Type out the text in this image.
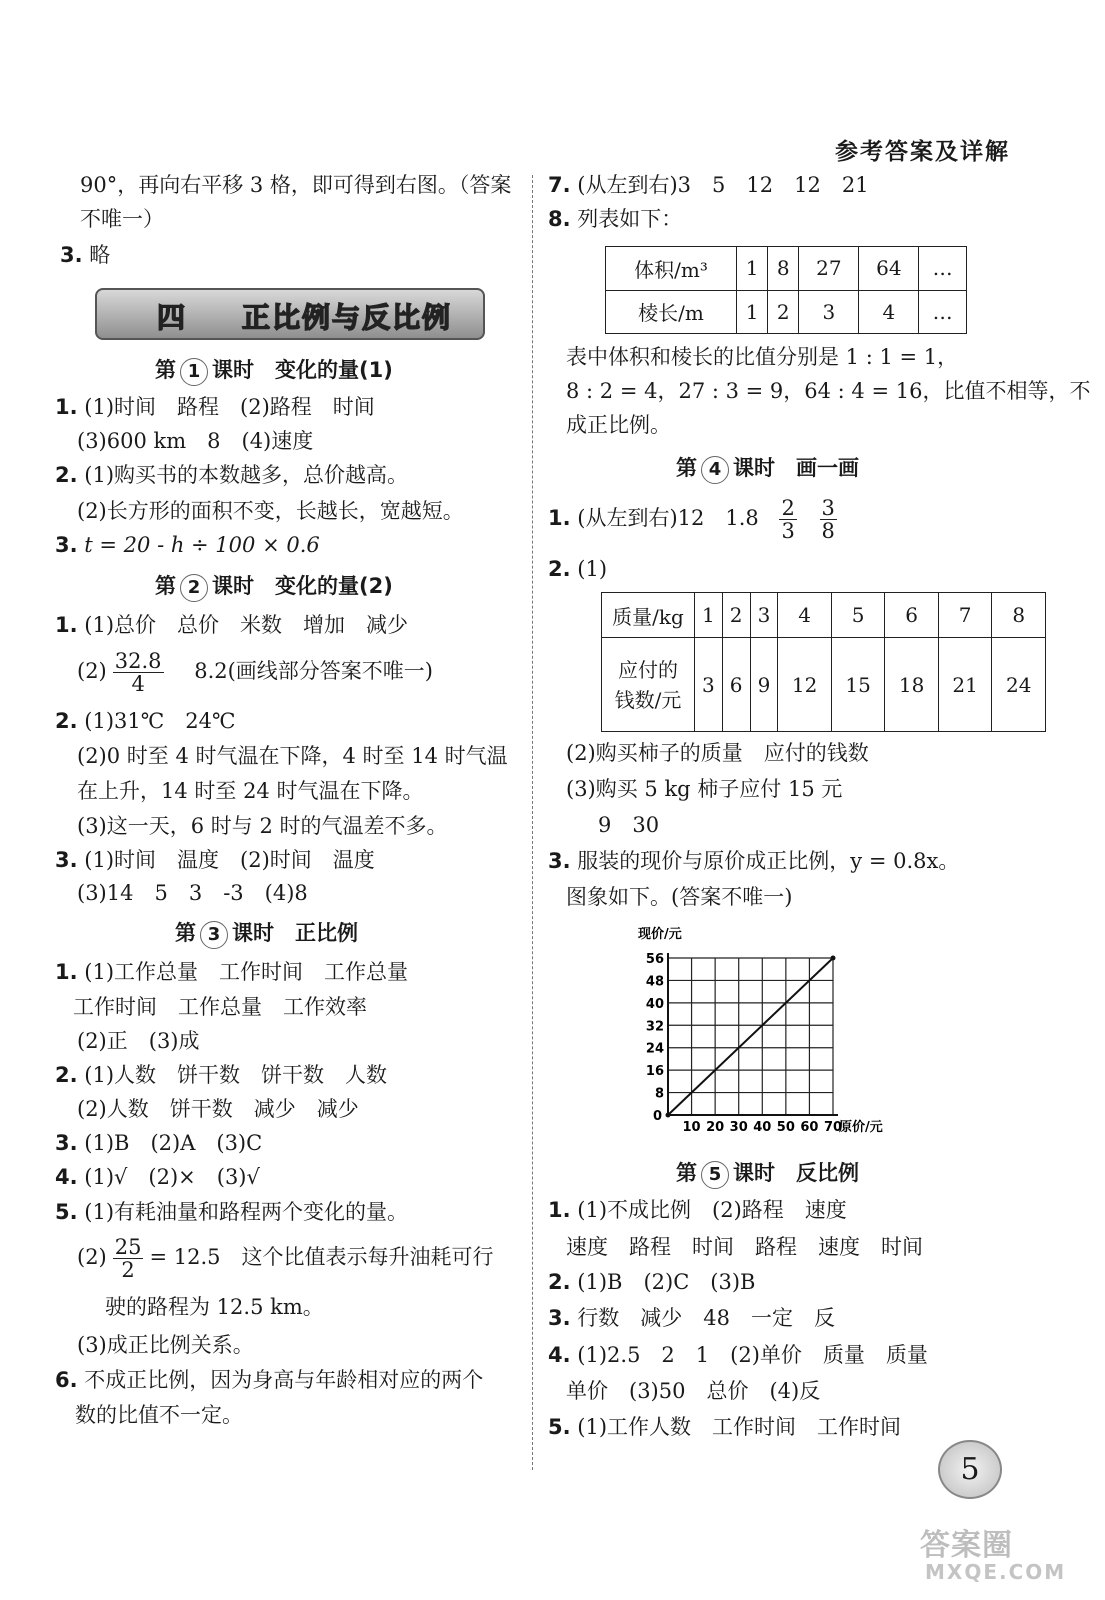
参考答案及详解
90°，再向右平移 3 格，即可得到右图。（答案
不唯一）
3. 略
四 正比例与反比例
第 1 课时　变化的量(1)
1. (1)时间　路程　(2)路程　时间
(3)600 km　8　(4)速度
2. (1)购买书的本数越多，总价越高。
(2)长方形的面积不变，长越长，宽越短。
3. t = 20 - h ÷ 100 × 0.6
第 2 课时　变化的量(2)
1. (1)总价　总价　米数　增加　减少
$(2) \frac{32.8}{4} 8.2$(画线部分答案不唯一)
2. (1)31℃　24℃
(2)0 时至 4 时气温在下降，4 时至 14 时气温
在上升，14 时至 24 时气温在下降。
(3)这一天，6 时与 2 时的气温差不多。
3. (1)时间　温度　(2)时间　温度
(3)14　5　3　-3　(4)8
第 3 课时　正比例
1. (1)工作总量　工作时间　工作总量
工作时间　工作总量　工作效率
(2)正　(3)成
2. (1)人数　饼干数　饼干数　人数
(2)人数　饼干数　减少　减少
3. (1)B　(2)A　(3)C
4. (1)√　(2)×　(3)√
5. (1)有耗油量和路程两个变化的量。
$(2) \frac{25}{2} = 12.5$　这个比值表示每升油耗可行
驶的路程为 12.5 km。
(3)成正比例关系。
6. 不成正比例，因为身高与年龄相对应的两个
数的比值不一定。
7. (从左到右)3　5　12　12　21
8. 列表如下：
体积/m³	1	8	27	64	…
棱长/m	1	2	3	4	…
表中体积和棱长的比值分别是 1 : 1 = 1，
8 : 2 = 4，27 : 3 = 9，64 : 4 = 16，比值不相等，不
成正比例。
第 4 课时　画一画
1. (从左到右)12　$1.8 \frac{2}{3}$
$\frac{3}{8}$
2. (1)
质量/kg	1	2	3	4	5	6	7	8
应付的
钱数/元	3	6	9	12	15	18	21	24
(2)购买柿子的质量　应付的钱数
(3)购买 5 kg 柿子应付 15 元
9　30
3. 服装的现价与原价成正比例，y = 0.8x。
图象如下。(答案不唯一)
10 20 30 40 50 60 70
8
16
24
32
40
48
56
0
现价/元
原价/元
第 5 课时　反比例
1. (1)不成比例　(2)路程　速度
速度　路程　时间　路程　速度　时间
2. (1)B　(2)C　(3)B
3. 行数　减少　48　一定　反
4. (1)2.5　2　1　(2)单价　质量　质量
单价　(3)50　总价　(4)反
5. (1)工作人数　工作时间　工作时间
5
答案圈
MXQE.COM
